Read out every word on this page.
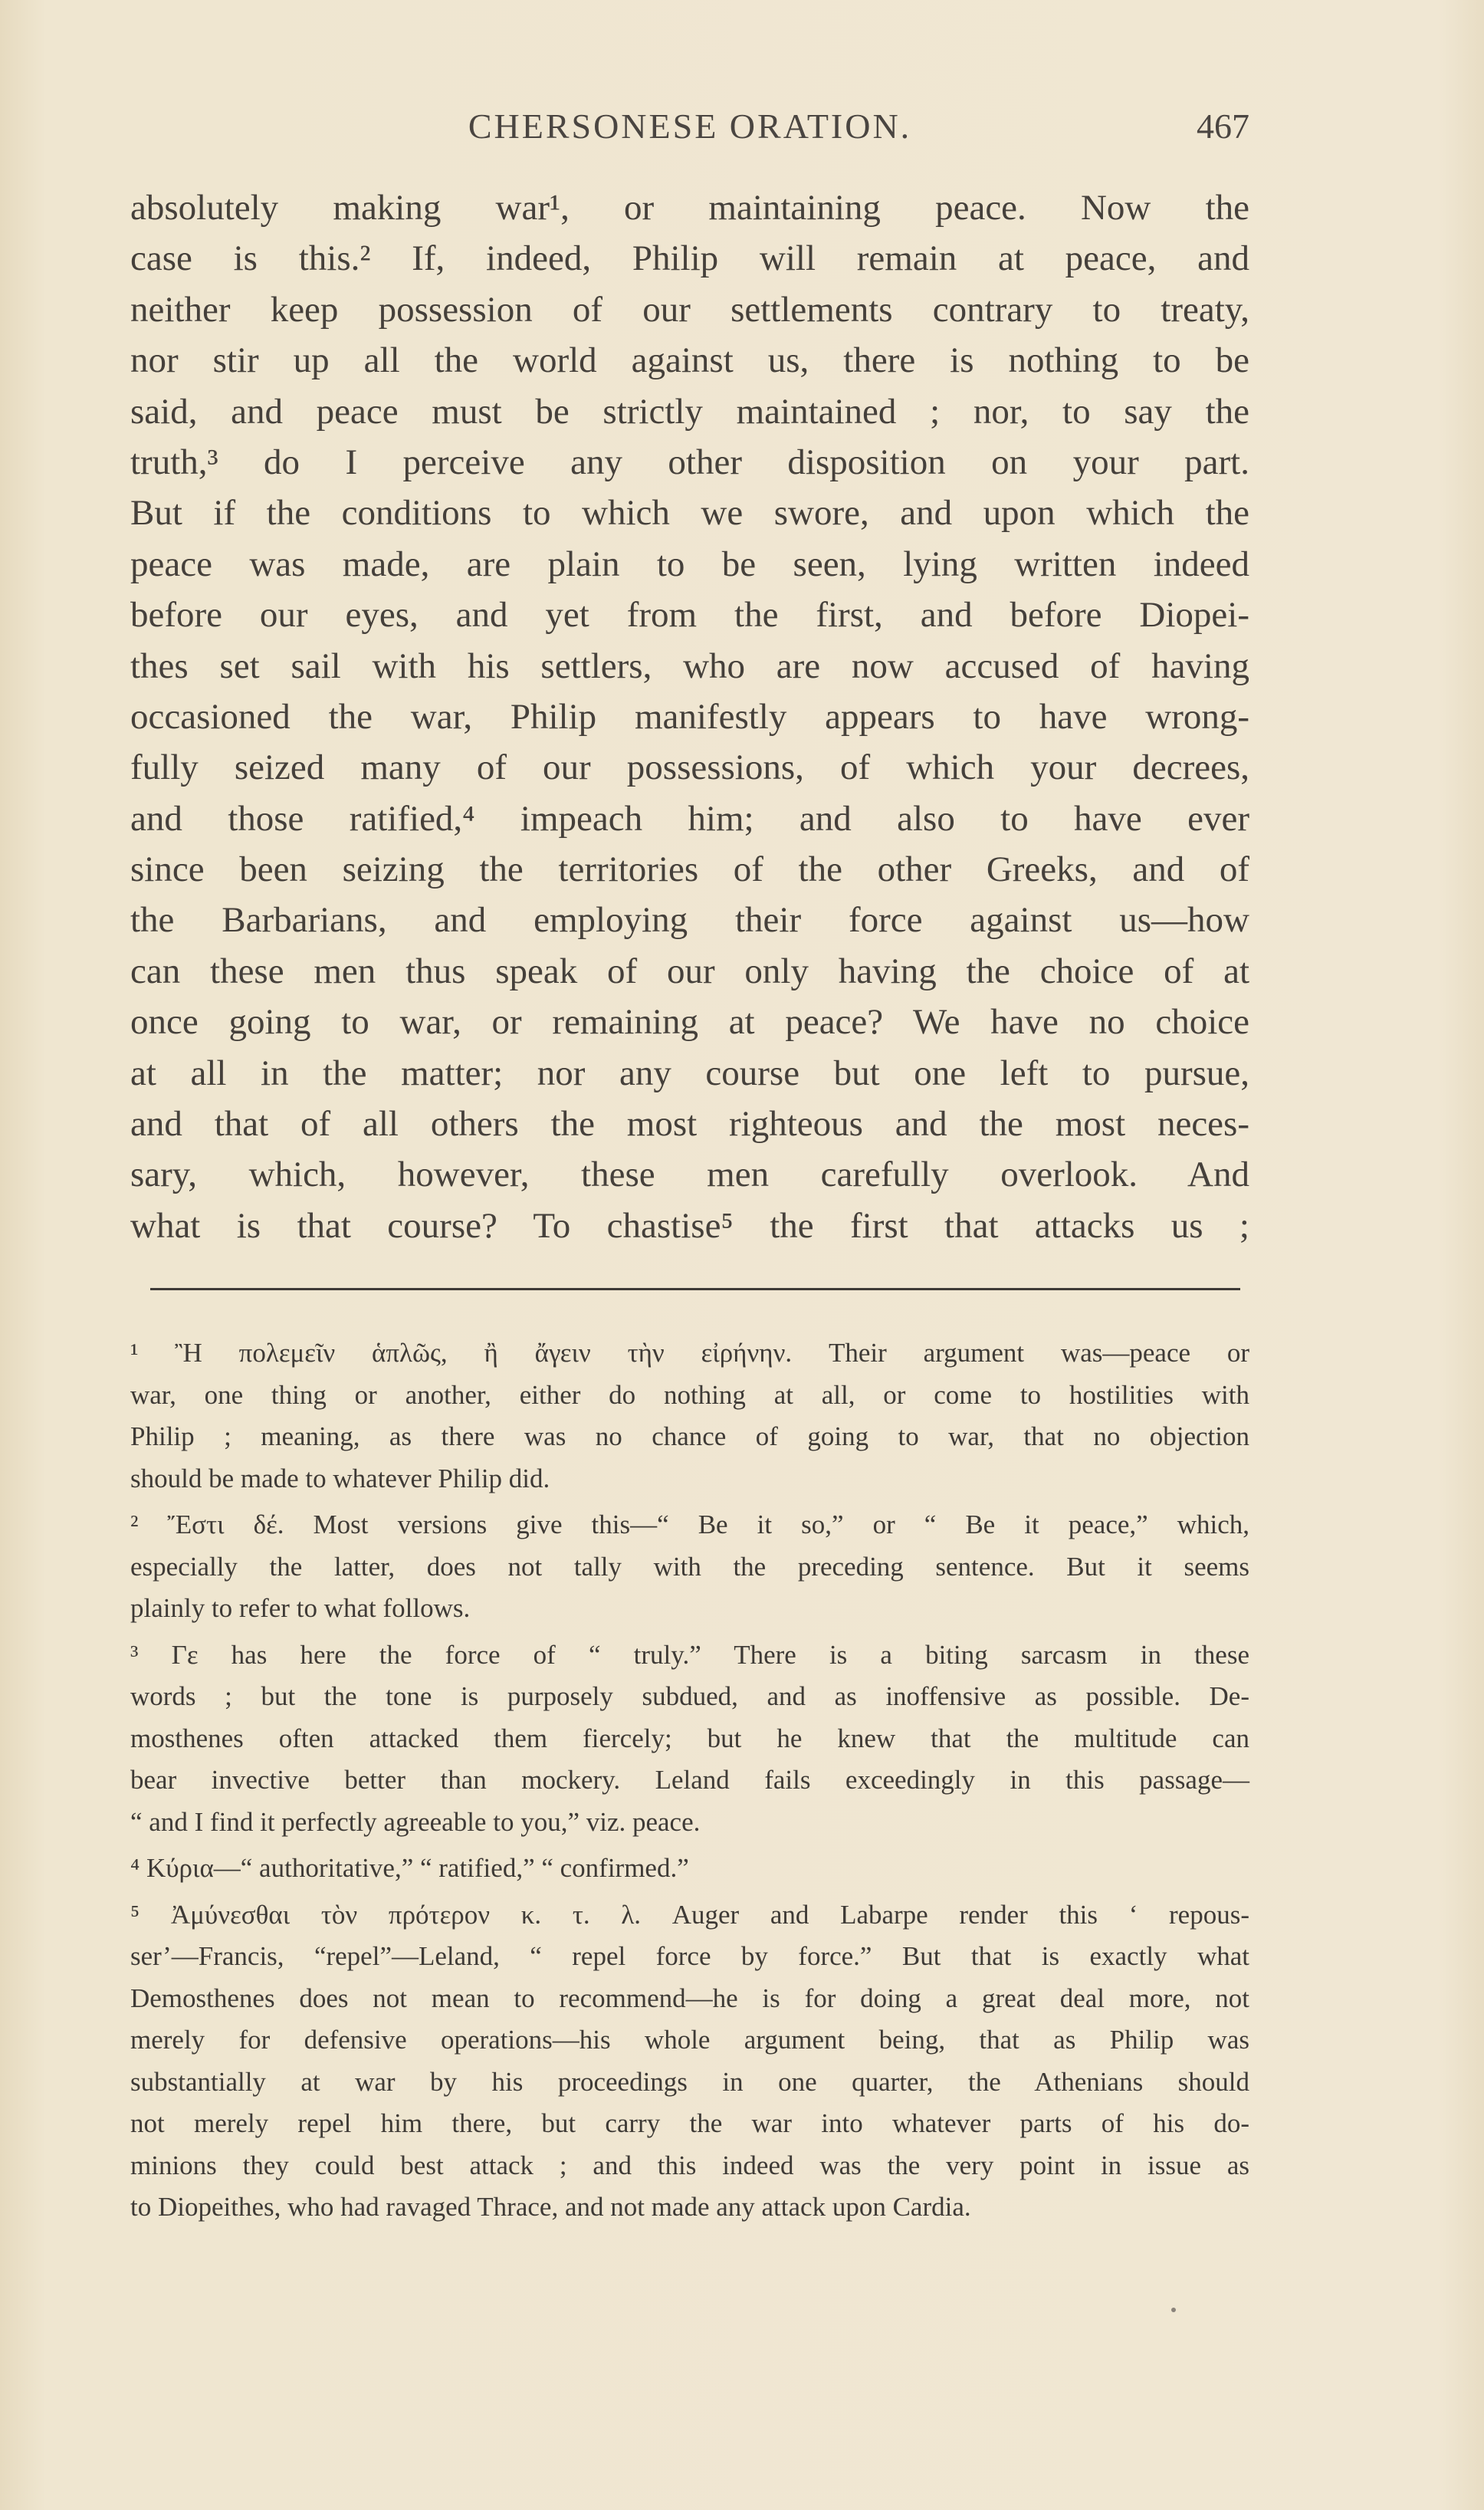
CHERSONESE ORATION.	467
absolutely making war¹, or maintaining peace. Now the
case is this.² If, indeed, Philip will remain at peace, and
neither keep possession of our settlements contrary to treaty,
nor stir up all the world against us, there is nothing to be
said, and peace must be strictly maintained ; nor, to say the
truth,³ do I perceive any other disposition on your part.
But if the conditions to which we swore, and upon which the
peace was made, are plain to be seen, lying written indeed
before our eyes, and yet from the first, and before Diopei-
thes set sail with his settlers, who are now accused of having
occasioned the war, Philip manifestly appears to have wrong-
fully seized many of our possessions, of which your decrees,
and those ratified,⁴ impeach him; and also to have ever
since been seizing the territories of the other Greeks, and of
the Barbarians, and employing their force against us—how
can these men thus speak of our only having the choice of at
once going to war, or remaining at peace? We have no choice
at all in the matter; nor any course but one left to pursue,
and that of all others the most righteous and the most neces-
sary, which, however, these men carefully overlook. And
what is that course? To chastise⁵ the first that attacks us ;
¹ Ἢ πολεμεῖν ἁπλῶς, ἢ ἄγειν τὴν εἰρήνην. Their argument was—peace or
war, one thing or another, either do nothing at all, or come to hostilities with
Philip ; meaning, as there was no chance of going to war, that no objection
should be made to whatever Philip did.
² Ἔστι δέ. Most versions give this—“ Be it so,” or “ Be it peace,” which,
especially the latter, does not tally with the preceding sentence. But it seems
plainly to refer to what follows.
³ Γε has here the force of “ truly.” There is a biting sarcasm in these
words ; but the tone is purposely subdued, and as inoffensive as possible. De-
mosthenes often attacked them fiercely; but he knew that the multitude can
bear invective better than mockery. Leland fails exceedingly in this passage—
“ and I find it perfectly agreeable to you,” viz. peace.
⁴ Κύρια—“ authoritative,” “ ratified,” “ confirmed.”
⁵ Ἀμύνεσθαι τὸν πρότερον κ. τ. λ. Auger and Labarpe render this ‘ repous-
ser’—Francis, “repel”—Leland, “ repel force by force.” But that is exactly what
Demosthenes does not mean to recommend—he is for doing a great deal more, not
merely for defensive operations—his whole argument being, that as Philip was
substantially at war by his proceedings in one quarter, the Athenians should
not merely repel him there, but carry the war into whatever parts of his do-
minions they could best attack ; and this indeed was the very point in issue as
to Diopeithes, who had ravaged Thrace, and not made any attack upon Cardia.
